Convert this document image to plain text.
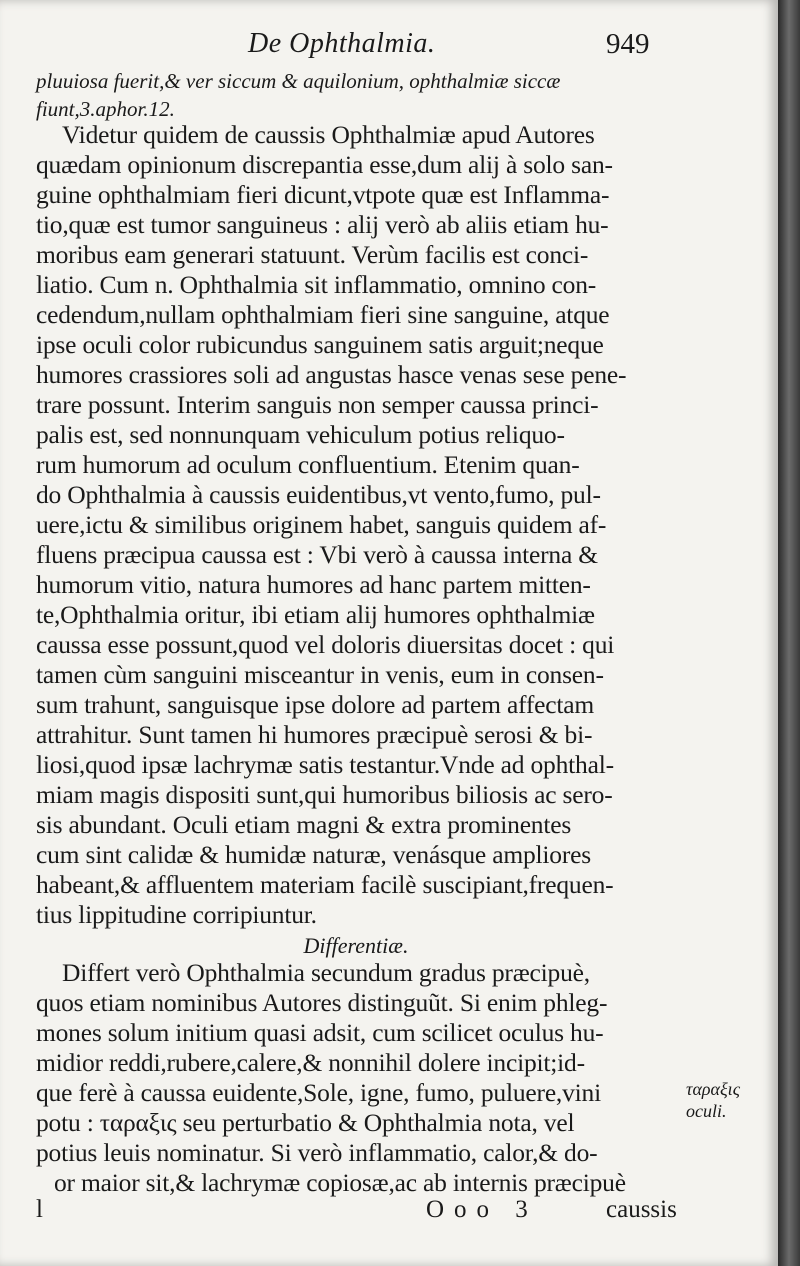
De Ophthalmia.	949
pluuiosa fuerit,& ver siccum & aquilonium, ophthalmiæ siccæ
fiunt,3.aphor.12.
Videtur quidem de caussis Ophthalmiæ apud Autores
quædam opinionum discrepantia esse,dum alij à solo san-
guine ophthalmiam fieri dicunt,vtpote quæ est Inflamma-
tio,quæ est tumor sanguineus : alij verò ab aliis etiam hu-
moribus eam generari statuunt. Verùm facilis est conci-
liatio. Cum n. Ophthalmia sit inflammatio, omnino con-
cedendum,nullam ophthalmiam fieri sine sanguine, atque
ipse oculi color rubicundus sanguinem satis arguit;neque
humores crassiores soli ad angustas hasce venas sese pene-
trare possunt. Interim sanguis non semper caussa princi-
palis est, sed nonnunquam vehiculum potius reliquo-
rum humorum ad oculum confluentium. Etenim quan-
do Ophthalmia à caussis euidentibus,vt vento,fumo, pul-
uere,ictu & similibus originem habet, sanguis quidem af-
fluens præcipua caussa est : Vbi verò à caussa interna &
humorum vitio, natura humores ad hanc partem mitten-
te,Ophthalmia oritur, ibi etiam alij humores ophthalmiæ
caussa esse possunt,quod vel doloris diuersitas docet : qui
tamen cùm sanguini misceantur in venis, eum in consen-
sum trahunt, sanguisque ipse dolore ad partem affectam
attrahitur. Sunt tamen hi humores præcipuè serosi & bi-
liosi,quod ipsæ lachrymæ satis testantur.Vnde ad ophthal-
miam magis dispositi sunt,qui humoribus biliosis ac sero-
sis abundant. Oculi etiam magni & extra prominentes
cum sint calidæ & humidæ naturæ, venásque ampliores
habeant,& affluentem materiam facilè suscipiant,frequen-
tius lippitudine corripiuntur.
Differentiæ.
Differt verò Ophthalmia secundum gradus præcipuè,
quos etiam nominibus Autores distinguũt. Si enim phleg-
mones solum initium quasi adsit, cum scilicet oculus hu-
midior reddi,rubere,calere,& nonnihil dolere incipit;id-
que ferè à caussa euidente,Sole, igne, fumo, puluere,vini
potu : ταραξις seu perturbatio & Ophthalmia nota, vel
potius leuis nominatur. Si verò inflammatio, calor,& do-
or maior sit,& lachrymæ copiosæ,ac ab internis præcipuè
ταραξις
oculi.
l	Ooo 3	caussis
